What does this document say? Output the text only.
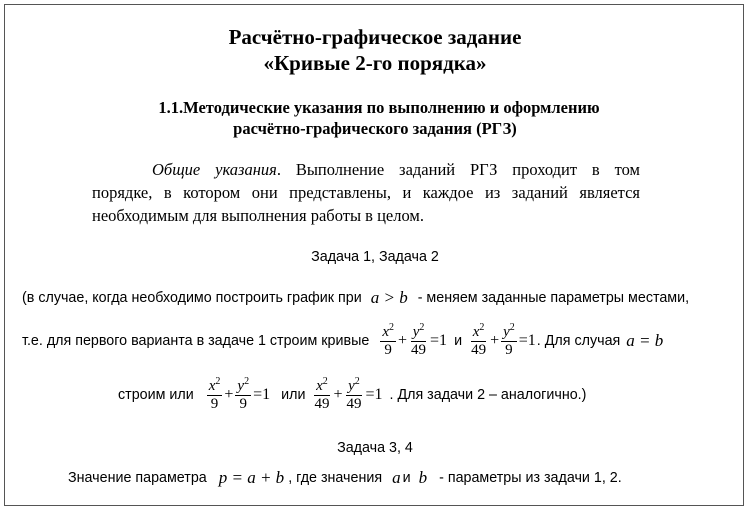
Расчётно-графическое задание
«Кривые 2-го порядка»
1.1.Методические указания по выполнению и оформлению
расчётно-графического задания (РГЗ)
Общие указания. Выполнение заданий РГЗ проходит в том
порядке, в котором они представлены, и каждое из заданий является
необходимым для выполнения работы в целом.
Задача 1, Задача 2
(в случае, когда необходимо построить график при a > b - меняем заданные параметры местами,
т.е. для первого варианта в задаче 1 строим кривые $\frac{x^2}{9} + \frac{y^2}{49} =1$ и $\frac{x^2}{49} + \frac{y^2}{9} =1$ . Для случая a = b
строим или $\frac{x^2}{9} + \frac{y^2}{9} =1$ или $\frac{x^2}{49} + \frac{y^2}{49} =1$ . Для задачи 2 – аналогично.)
Задача 3, 4
Значение параметра p = a + b , где значения a и b - параметры из задачи 1, 2.
